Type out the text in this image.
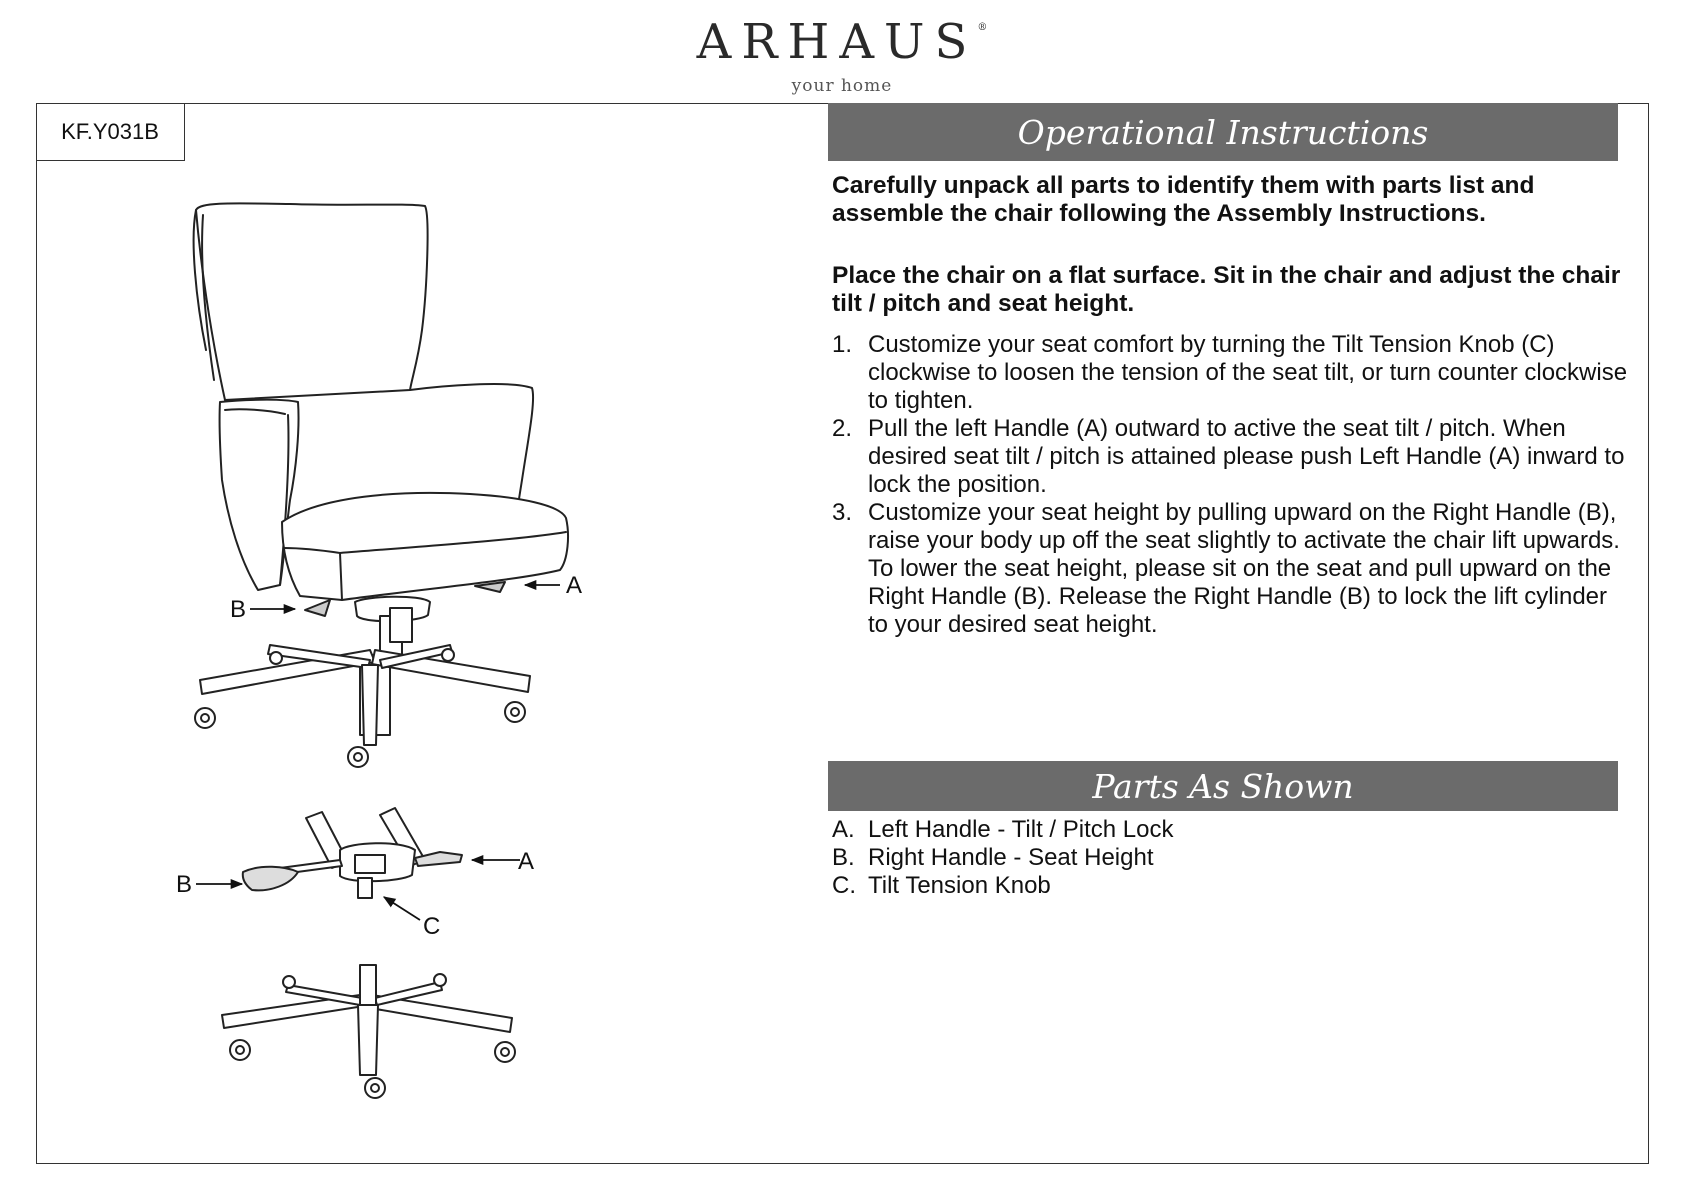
ARHAUS®
your home
KF.Y031B	Operational Instructions
Carefully unpack all parts to identify them with parts list and assemble the chair following the Assembly Instructions.
Place the chair on a flat surface. Sit in the chair and adjust the chair tilt / pitch and seat height.
1. Customize your seat comfort by turning the Tilt Tension Knob (C) clockwise to loosen the tension of the seat tilt, or turn counter clockwise to tighten.
2. Pull the left Handle (A) outward to active the seat tilt / pitch. When desired seat tilt / pitch is attained please push Left Handle (A) inward to lock the position.
3. Customize your seat height by pulling upward on the Right Handle (B), raise your body up off the seat slightly to activate the chair lift upwards. To lower the seat height, please sit on the seat and pull upward on the Right Handle (B). Release the Right Handle (B) to lock the lift cylinder to your desired seat height.
Parts As Shown
A. Left Handle - Tilt / Pitch Lock
B. Right Handle - Seat Height
C. Tilt Tension Knob
A
B
A
B
C
